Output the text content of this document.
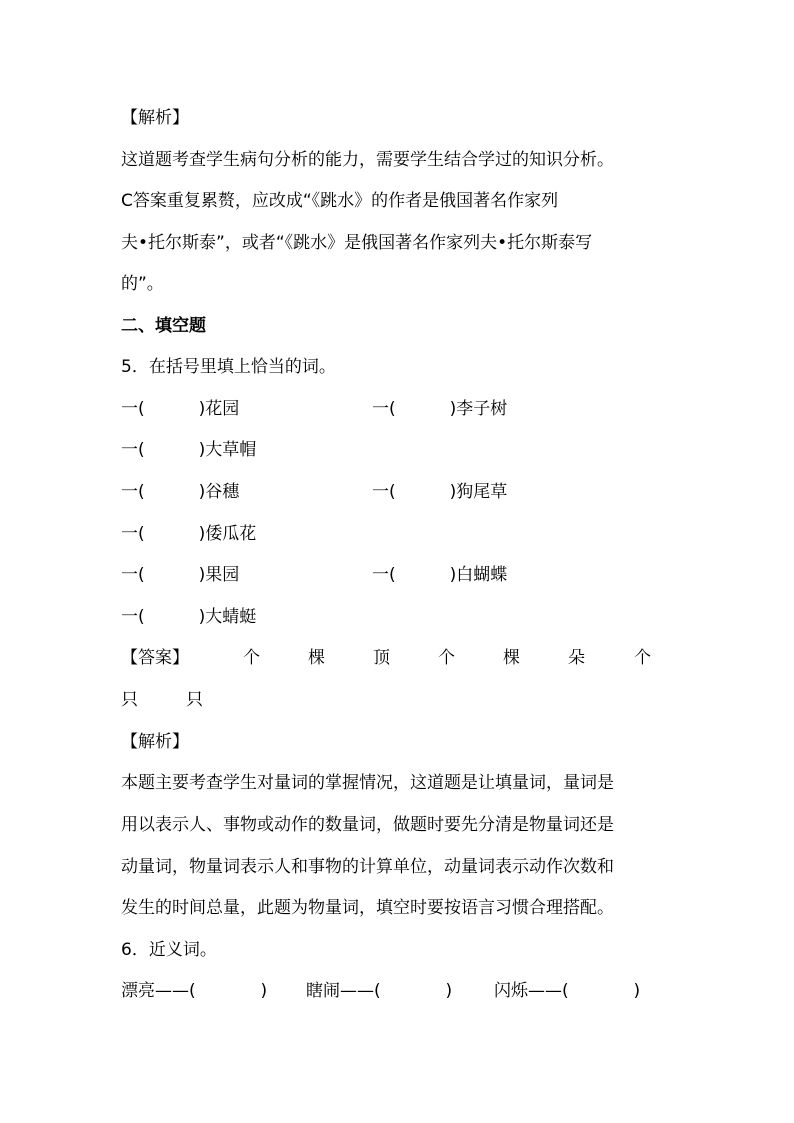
【解析】
这道题考查学生病句分析的能力，需要学生结合学过的知识分析。
C答案重复累赘，应改成“《跳水》的作者是俄国著名作家列
夫•托尔斯泰”，或者“《跳水》是俄国著名作家列夫•托尔斯泰写
的”。
二、填空题
5．在括号里填上恰当的词。
一(          )花园	一(          )李子树
一(          )大草帽
一(          )谷穗	一(          )狗尾草
一(          )倭瓜花
一(          )果园	一(          )白蝴蝶
一(          )大蜻蜓
【答案】	个	棵	顶	个	棵	朵	个
只	只
【解析】
本题主要考查学生对量词的掌握情况，这道题是让填量词，量词是
用以表示人、事物或动作的数量词，做题时要先分清是物量词还是
动量词，物量词表示人和事物的计算单位，动量词表示动作次数和
发生的时间总量，此题为物量词，填空时要按语言习惯合理搭配。
6．近义词。
漂亮——(            ) 瞎闹——(            ) 闪烁——(            )
